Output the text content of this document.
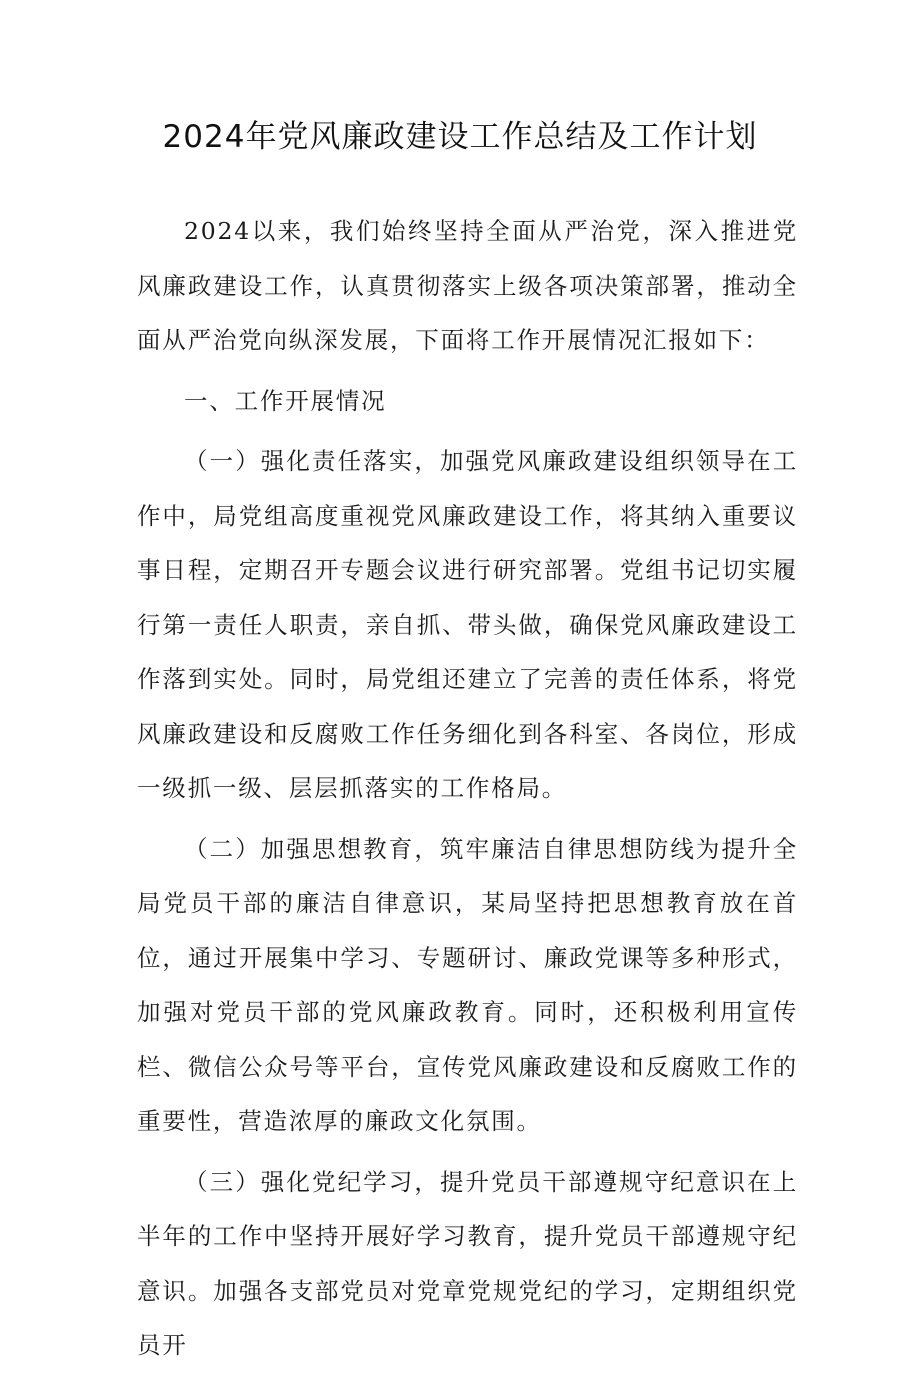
2024年党风廉政建设工作总结及工作计划

2024以来，我们始终坚持全面从严治党，深入推进党风廉政建设工作，认真贯彻落实上级各项决策部署，推动全面从严治党向纵深发展，下面将工作开展情况汇报如下：

一、工作开展情况

（一）强化责任落实，加强党风廉政建设组织领导在工作中，局党组高度重视党风廉政建设工作，将其纳入重要议事日程，定期召开专题会议进行研究部署。党组书记切实履行第一责任人职责，亲自抓、带头做，确保党风廉政建设工作落到实处。同时，局党组还建立了完善的责任体系，将党风廉政建设和反腐败工作任务细化到各科室、各岗位，形成一级抓一级、层层抓落实的工作格局。

（二）加强思想教育，筑牢廉洁自律思想防线为提升全局党员干部的廉洁自律意识，某局坚持把思想教育放在首位，通过开展集中学习、专题研讨、廉政党课等多种形式，加强对党员干部的党风廉政教育。同时，还积极利用宣传栏、微信公众号等平台，宣传党风廉政建设和反腐败工作的重要性，营造浓厚的廉政文化氛围。

（三）强化党纪学习，提升党员干部遵规守纪意识在上半年的工作中坚持开展好学习教育，提升党员干部遵规守纪意识。加强各支部党员对党章党规党纪的学习，定期组织党员开
